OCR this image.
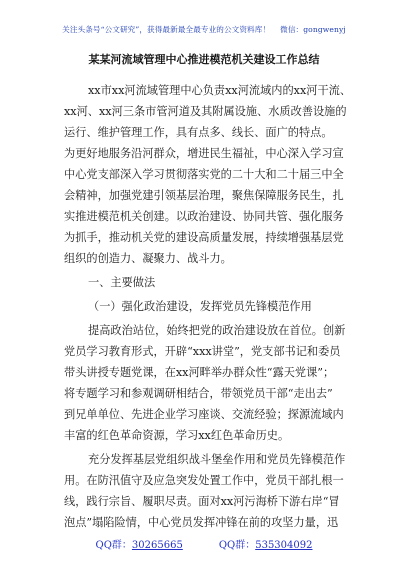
关注头条号“公文研究”，获得最新最全最专业的公文资料库！ 微信：gongwenyj
某某河流域管理中心推进模范机关建设工作总结
xx市xx河流域管理中心负责xx河流域内的xx河干流、
xx河、xx河三条市管河道及其附属设施、水质改善设施的
运行、维护管理工作，具有点多、线长、面广的特点。
为更好地服务沿河群众，增进民生福祉，中心深入学习宣
中心党支部深入学习贯彻落实党的二十大和二十届三中全
会精神，加强党建引领基层治理，聚焦保障服务民生，扎
实推进模范机关创建。以政治建设、协同共管、强化服务
为抓手，推动机关党的建设高质量发展，持续增强基层党
组织的创造力、凝聚力、战斗力。
一、主要做法
（一）强化政治建设，发挥党员先锋模范作用
提高政治站位，始终把党的政治建设放在首位。创新
党员学习教育形式，开辟“xxx讲堂”，党支部书记和委员
带头讲授专题党课，在xx河畔举办群众性“露天党课”；
将专题学习和参观调研相结合，带领党员干部“走出去”
到兄单单位、先进企业学习座谈、交流经验；探源流域内
丰富的红色革命资源，学习xx红色革命历史。
充分发挥基层党组织战斗堡垒作用和党员先锋模范作
用。在防汛值守及应急突发处置工作中，党员干部扎根一
线，践行宗旨、履职尽责。面对xx河污海桥下游右岸“冒
泡点”塌陷险情，中心党员发挥冲锋在前的攻坚力量，迅
QQ群：30265665	QQ群：535304092
